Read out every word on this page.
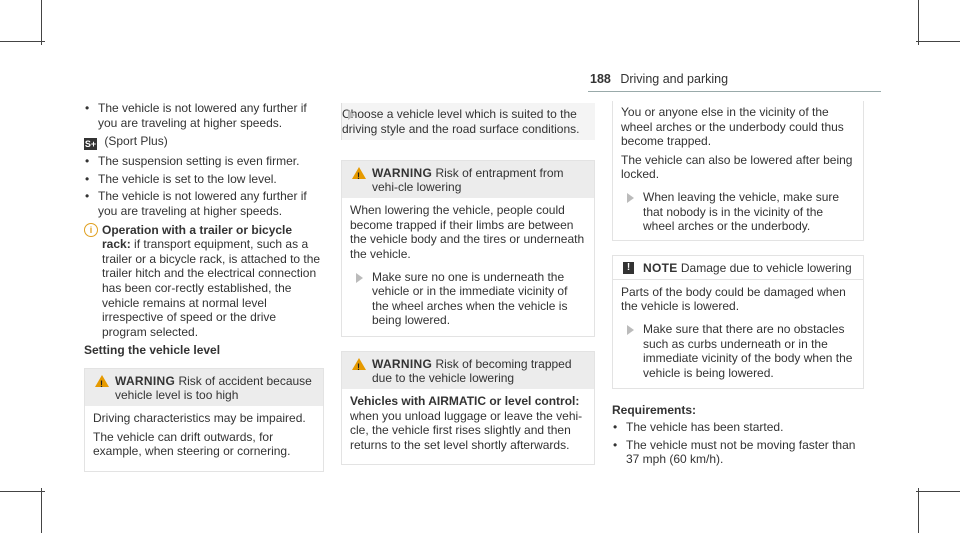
188 Driving and parking
• The vehicle is not lowered any further if you are traveling at higher speeds.
S+ (Sport Plus)
• The suspension setting is even firmer.
• The vehicle is set to the low level.
• The vehicle is not lowered any further if you are traveling at higher speeds.
i Operation with a trailer or bicycle rack: if transport equipment, such as a trailer or a bicycle rack, is attached to the trailer hitch and the electrical connection has been cor-rectly established, the vehicle remains at normal level irrespective of speed or the drive program selected.
Setting the vehicle level
!
WARNING Risk of accident because vehicle level is too high
Driving characteristics may be impaired.
The vehicle can drift outwards, for example, when steering or cornering.
Choose a vehicle level which is suited to the driving style and the road surface conditions.
!
WARNING Risk of entrapment from vehi-cle lowering
When lowering the vehicle, people could become trapped if their limbs are between the vehicle body and the tires or underneath the vehicle.
Make sure no one is underneath the vehicle or in the immediate vicinity of the wheel arches when the vehicle is being lowered.
!
WARNING Risk of becoming trapped due to the vehicle lowering
Vehicles with AIRMATIC or level control: when you unload luggage or leave the vehi-cle, the vehicle first rises slightly and then returns to the set level shortly afterwards.
You or anyone else in the vicinity of the wheel arches or the underbody could thus become trapped.
The vehicle can also be lowered after being locked.
When leaving the vehicle, make sure that nobody is in the vicinity of the wheel arches or the underbody.
!	NOTE Damage due to vehicle lowering
Parts of the body could be damaged when the vehicle is lowered.
Make sure that there are no obstacles such as curbs underneath or in the immediate vicinity of the body when the vehicle is being lowered.
Requirements:
• The vehicle has been started.
• The vehicle must not be moving faster than 37 mph (60 km/h).
